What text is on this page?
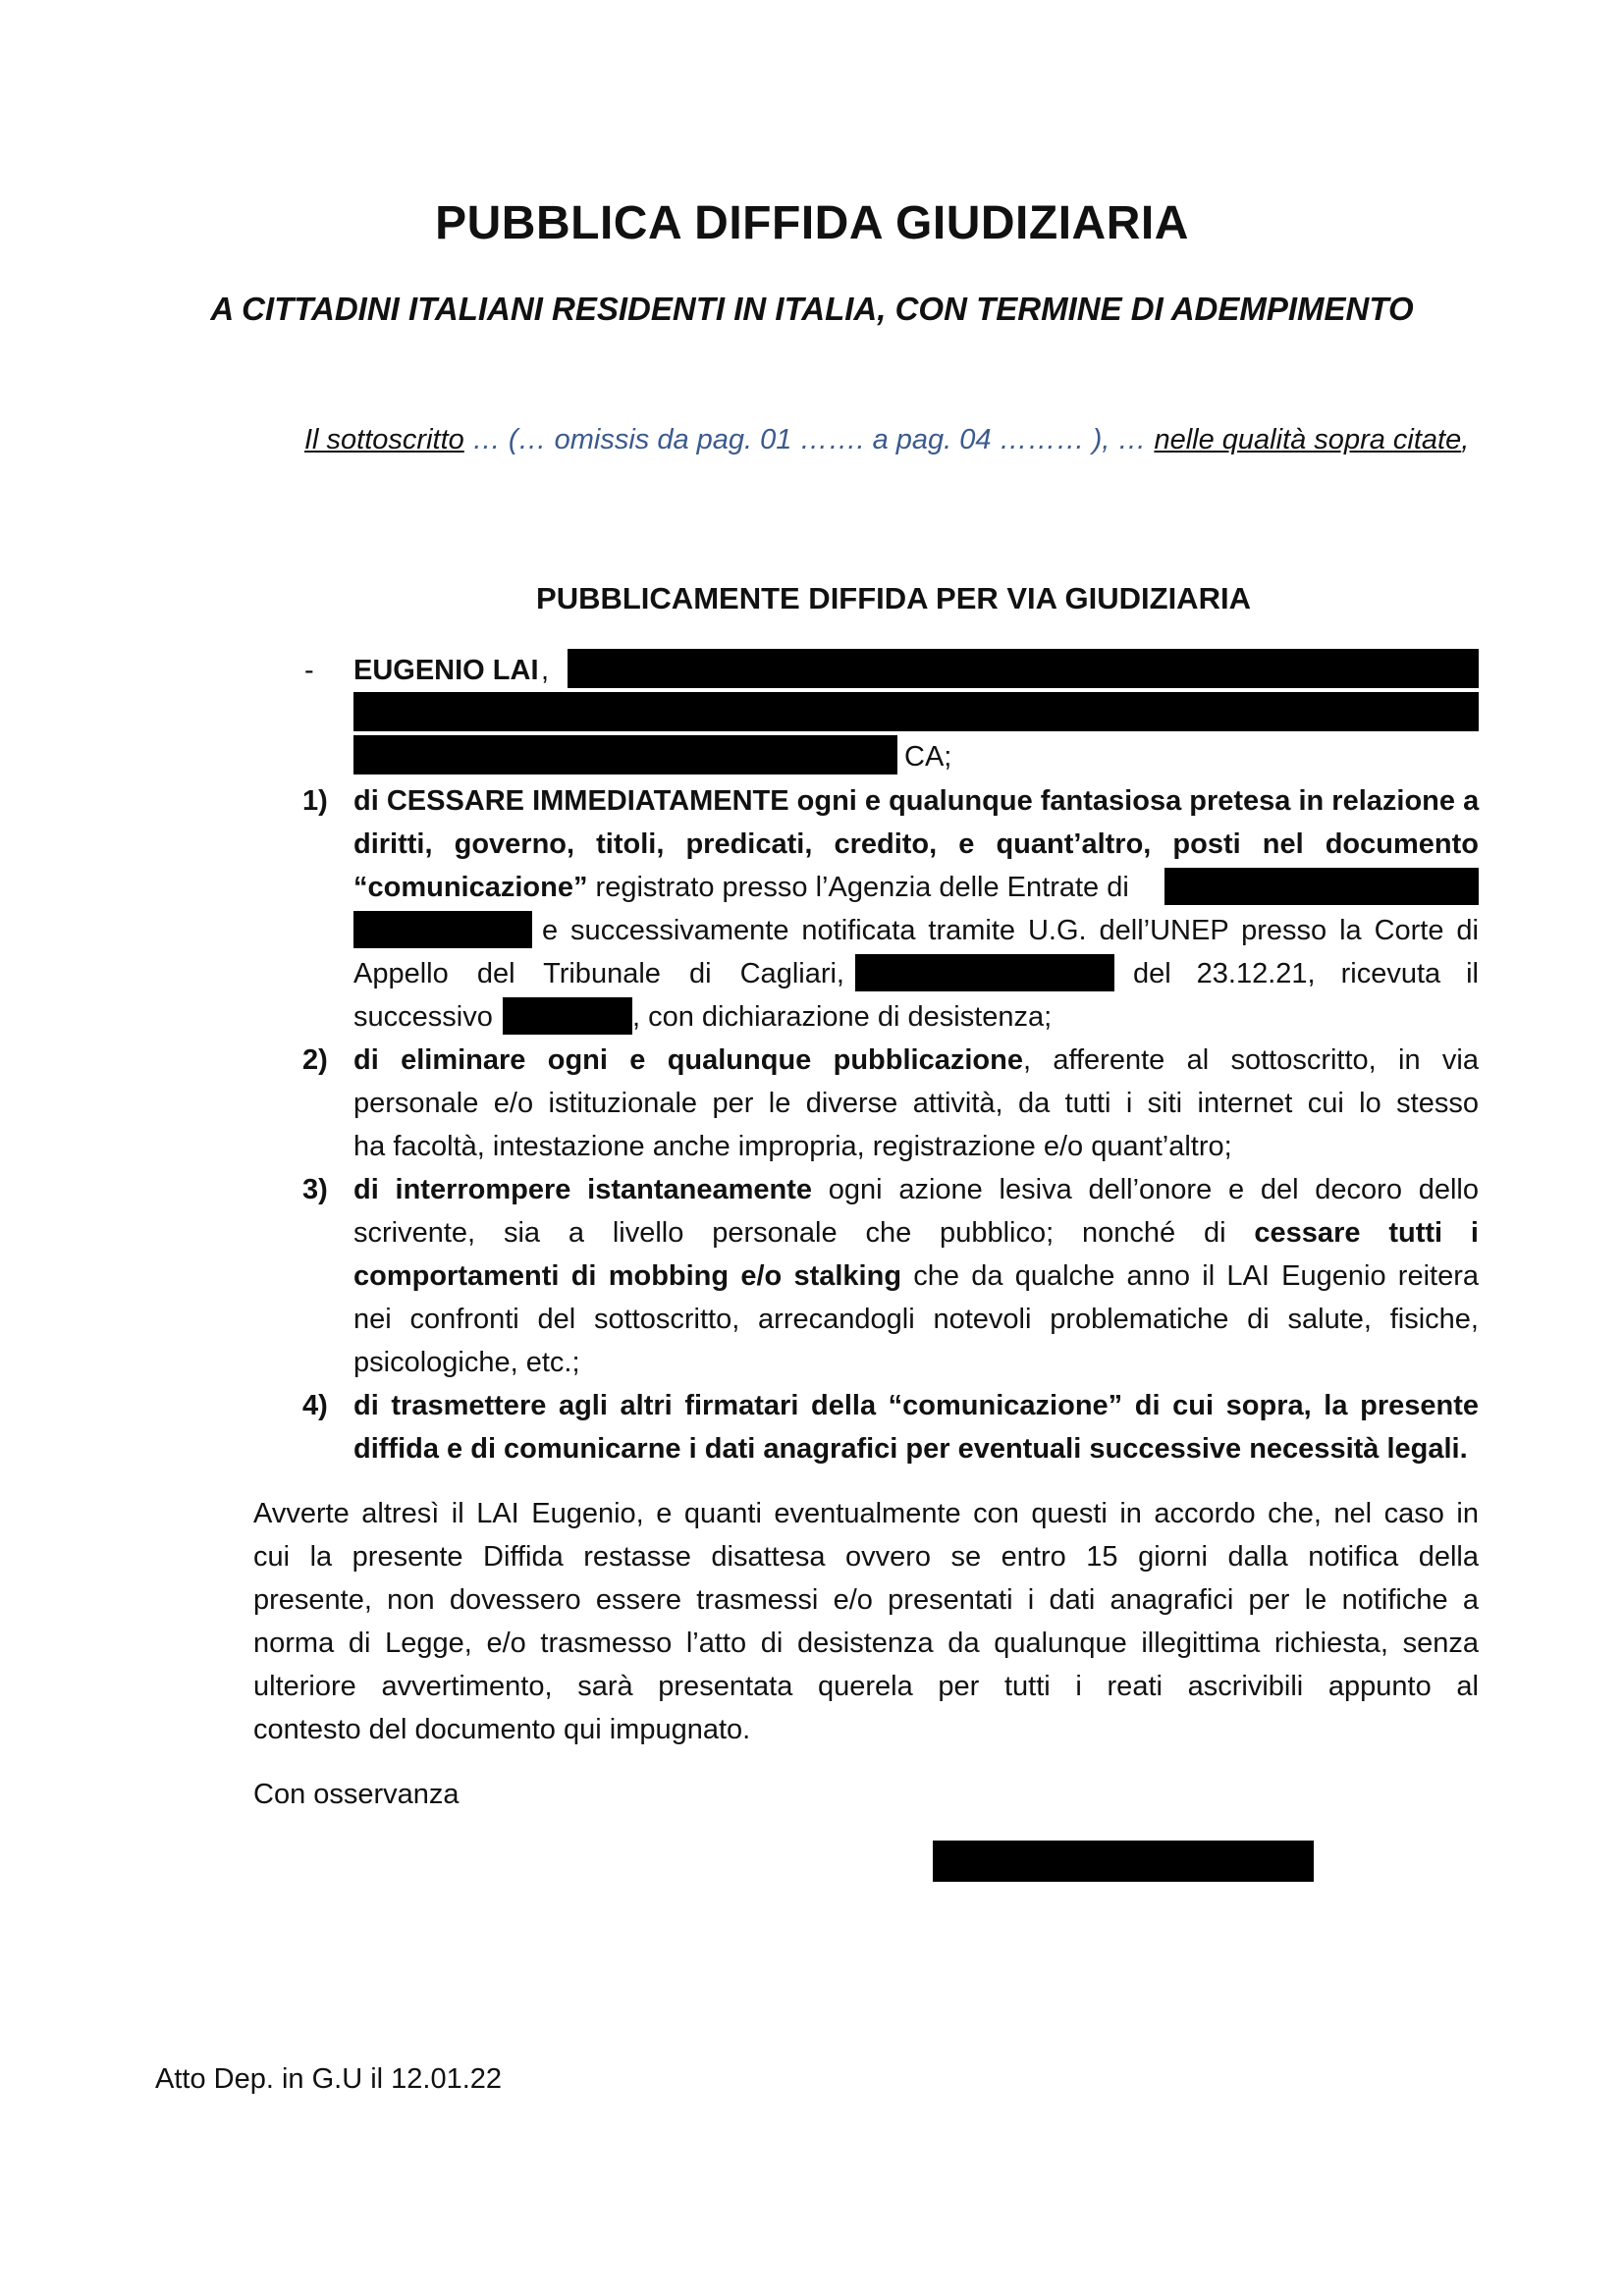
PUBBLICA DIFFIDA GIUDIZIARIA
A CITTADINI ITALIANI RESIDENTI IN ITALIA, CON TERMINE DI ADEMPIMENTO
Il sottoscritto … (… omissis da pag. 01 ……. a pag. 04 ……… ), … nelle qualità sopra citate,
PUBBLICAMENTE DIFFIDA PER VIA GIUDIZIARIA
- EUGENIO LAI ,
CA;
1) di CESSARE IMMEDIATAMENTE ogni e qualunque fantasiosa pretesa in relazione a
diritti, governo, titoli, predicati, credito, e quant’altro, posti nel documento
“comunicazione” registrato presso l’Agenzia delle Entrate di
e successivamente notificata tramite U.G. dell’UNEP presso la Corte di
Appello del Tribunale di Cagliari,	del 23.12.21, ricevuta il
successivo	, con dichiarazione di desistenza;
2) di eliminare ogni e qualunque pubblicazione, afferente al sottoscritto, in via
personale e/o istituzionale per le diverse attività, da tutti i siti internet cui lo stesso
ha facoltà, intestazione anche impropria, registrazione e/o quant’altro;
3) di interrompere istantaneamente ogni azione lesiva dell’onore e del decoro dello
scrivente, sia a livello personale che pubblico; nonché di cessare tutti i
comportamenti di mobbing e/o stalking che da qualche anno il LAI Eugenio reitera
nei confronti del sottoscritto, arrecandogli notevoli problematiche di salute, fisiche,
psicologiche, etc.;
4) di trasmettere agli altri firmatari della “comunicazione” di cui sopra, la presente
diffida e di comunicarne i dati anagrafici per eventuali successive necessità legali.
Avverte altresì il LAI Eugenio, e quanti eventualmente con questi in accordo che, nel caso in
cui la presente Diffida restasse disattesa ovvero se entro 15 giorni dalla notifica della
presente, non dovessero essere trasmessi e/o presentati i dati anagrafici per le notifiche a
norma di Legge, e/o trasmesso l’atto di desistenza da qualunque illegittima richiesta, senza
ulteriore avvertimento, sarà presentata querela per tutti i reati ascrivibili appunto al
contesto del documento qui impugnato.
Con osservanza
Atto Dep. in G.U il 12.01.22
